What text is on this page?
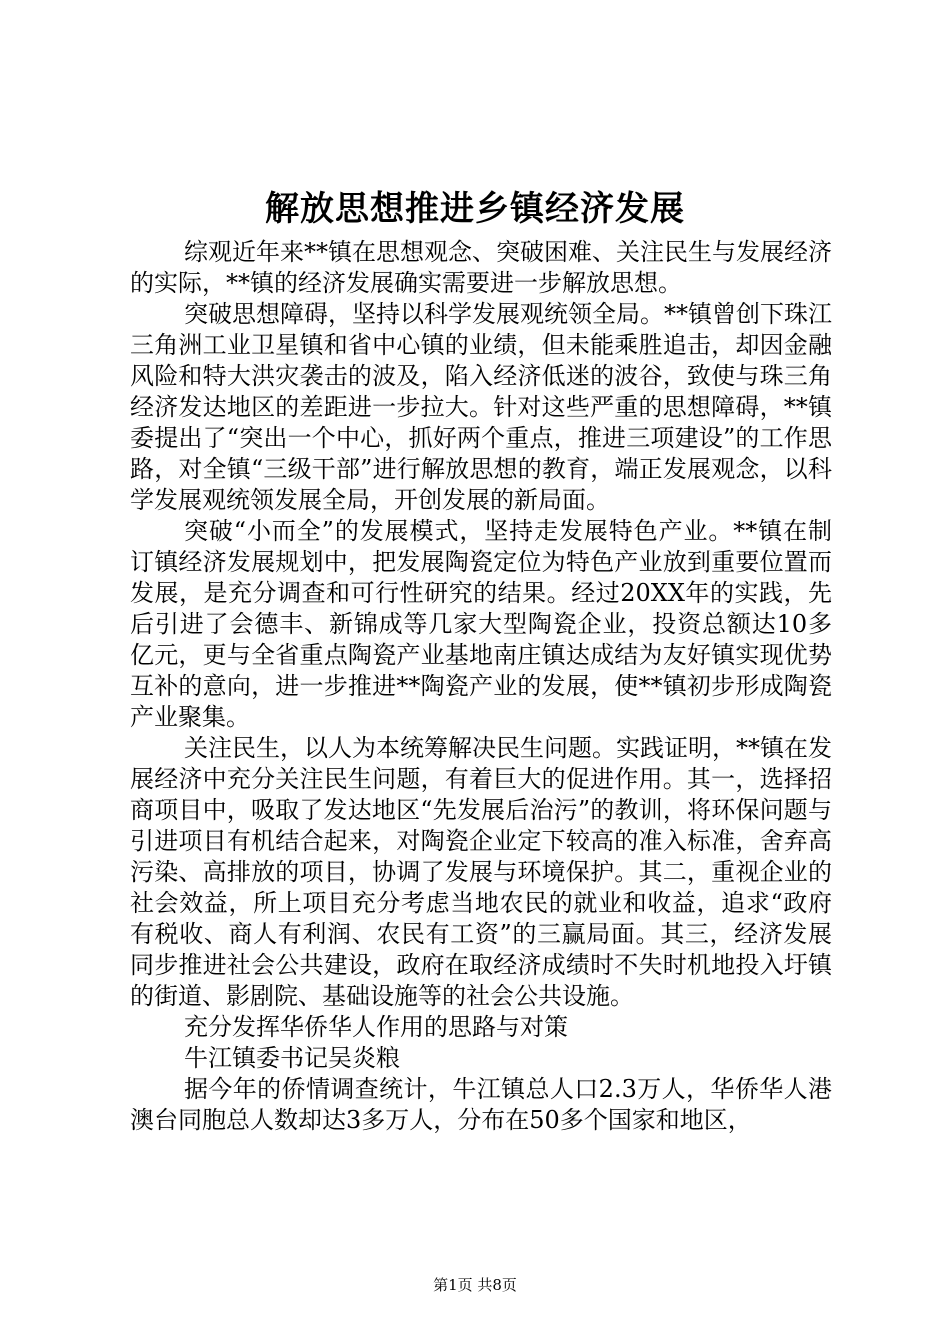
解放思想推进乡镇经济发展

综观近年来**镇在思想观念、突破困难、关注民生与发展经济的实际，**镇的经济发展确实需要进一步解放思想。

突破思想障碍，坚持以科学发展观统领全局。**镇曾创下珠江三角洲工业卫星镇和省中心镇的业绩，但未能乘胜追击，却因金融风险和特大洪灾袭击的波及，陷入经济低迷的波谷，致使与珠三角经济发达地区的差距进一步拉大。针对这些严重的思想障碍，**镇委提出了“突出一个中心，抓好两个重点，推进三项建设”的工作思路，对全镇“三级干部”进行解放思想的教育，端正发展观念，以科学发展观统领发展全局，开创发展的新局面。

突破“小而全”的发展模式，坚持走发展特色产业。**镇在制订镇经济发展规划中，把发展陶瓷定位为特色产业放到重要位置而发展，是充分调查和可行性研究的结果。经过20XX年的实践，先后引进了会德丰、新锦成等几家大型陶瓷企业，投资总额达10多亿元，更与全省重点陶瓷产业基地南庄镇达成结为友好镇实现优势互补的意向，进一步推进**陶瓷产业的发展，使**镇初步形成陶瓷产业聚集。

关注民生，以人为本统筹解决民生问题。实践证明，**镇在发展经济中充分关注民生问题，有着巨大的促进作用。其一，选择招商项目中，吸取了发达地区“先发展后治污”的教训，将环保问题与引进项目有机结合起来，对陶瓷企业定下较高的准入标准，舍弃高污染、高排放的项目，协调了发展与环境保护。其二，重视企业的社会效益，所上项目充分考虑当地农民的就业和收益，追求“政府有税收、商人有利润、农民有工资”的三赢局面。其三，经济发展同步推进社会公共建设，政府在取经济成绩时不失时机地投入圩镇的街道、影剧院、基础设施等的社会公共设施。

充分发挥华侨华人作用的思路与对策

牛江镇委书记吴炎粮

据今年的侨情调查统计，牛江镇总人口2.3万人，华侨华人港澳台同胞总人数却达3多万人，分布在50多个国家和地区，

第1页 共8页
